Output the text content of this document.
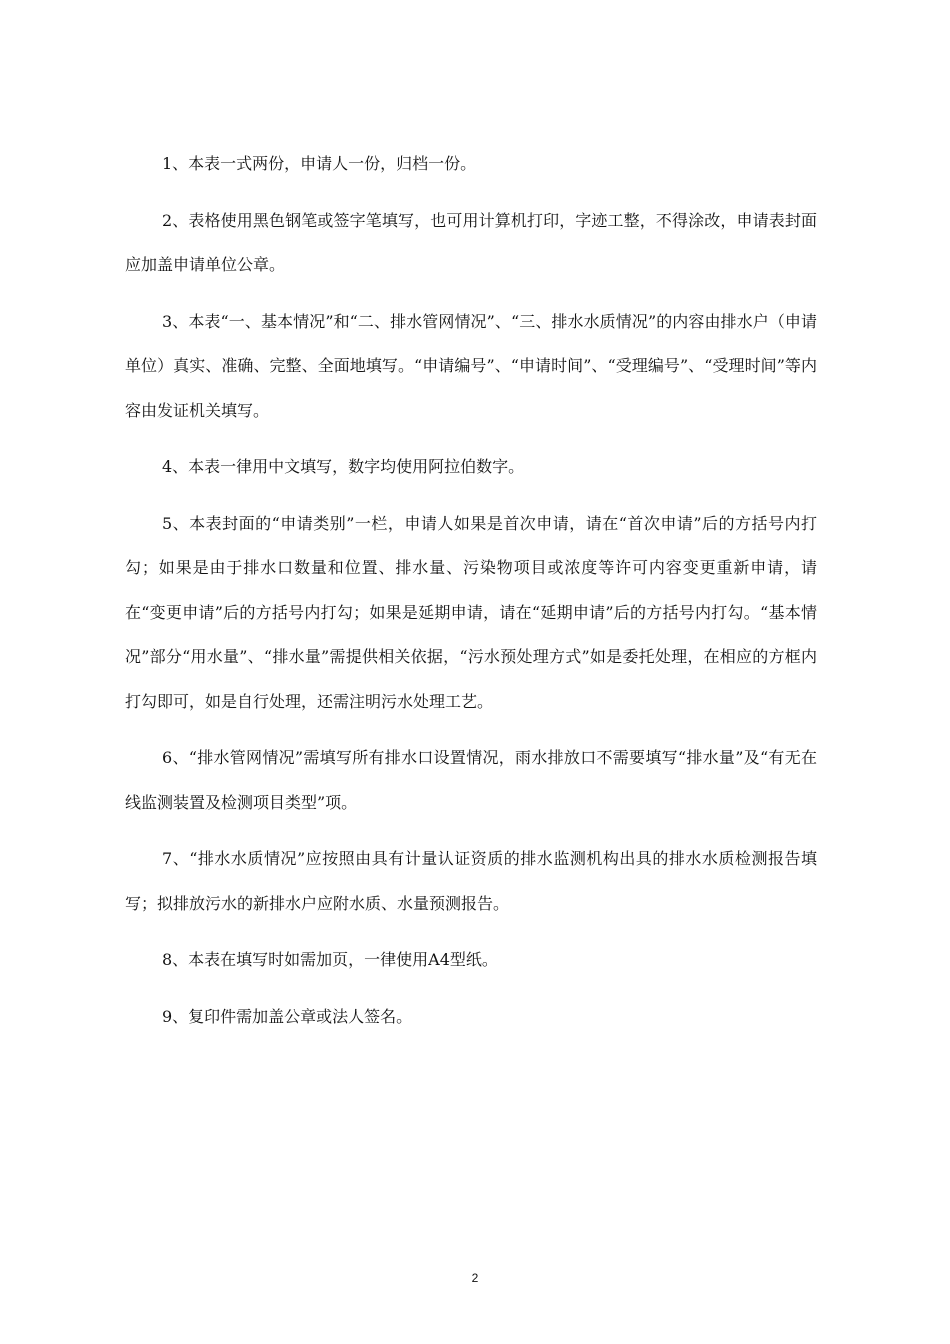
1、本表一式两份，申请人一份，归档一份。

2、表格使用黑色钢笔或签字笔填写，也可用计算机打印，字迹工整，不得涂改，申请表封面应加盖申请单位公章。

3、本表“一、基本情况”和“二、排水管网情况”、“三、排水水质情况”的内容由排水户（申请单位）真实、准确、完整、全面地填写。“申请编号”、“申请时间”、“受理编号”、“受理时间”等内容由发证机关填写。

4、本表一律用中文填写，数字均使用阿拉伯数字。

5、本表封面的“申请类别”一栏，申请人如果是首次申请，请在“首次申请”后的方括号内打勾；如果是由于排水口数量和位置、排水量、污染物项目或浓度等许可内容变更重新申请，请在“变更申请”后的方括号内打勾；如果是延期申请，请在“延期申请”后的方括号内打勾。“基本情况”部分“用水量”、“排水量”需提供相关依据，“污水预处理方式”如是委托处理，在相应的方框内打勾即可，如是自行处理，还需注明污水处理工艺。

6、“排水管网情况”需填写所有排水口设置情况，雨水排放口不需要填写“排水量”及“有无在线监测装置及检测项目类型”项。

7、“排水水质情况”应按照由具有计量认证资质的排水监测机构出具的排水水质检测报告填写；拟排放污水的新排水户应附水质、水量预测报告。

8、本表在填写时如需加页，一律使用A4型纸。

9、复印件需加盖公章或法人签名。

2
